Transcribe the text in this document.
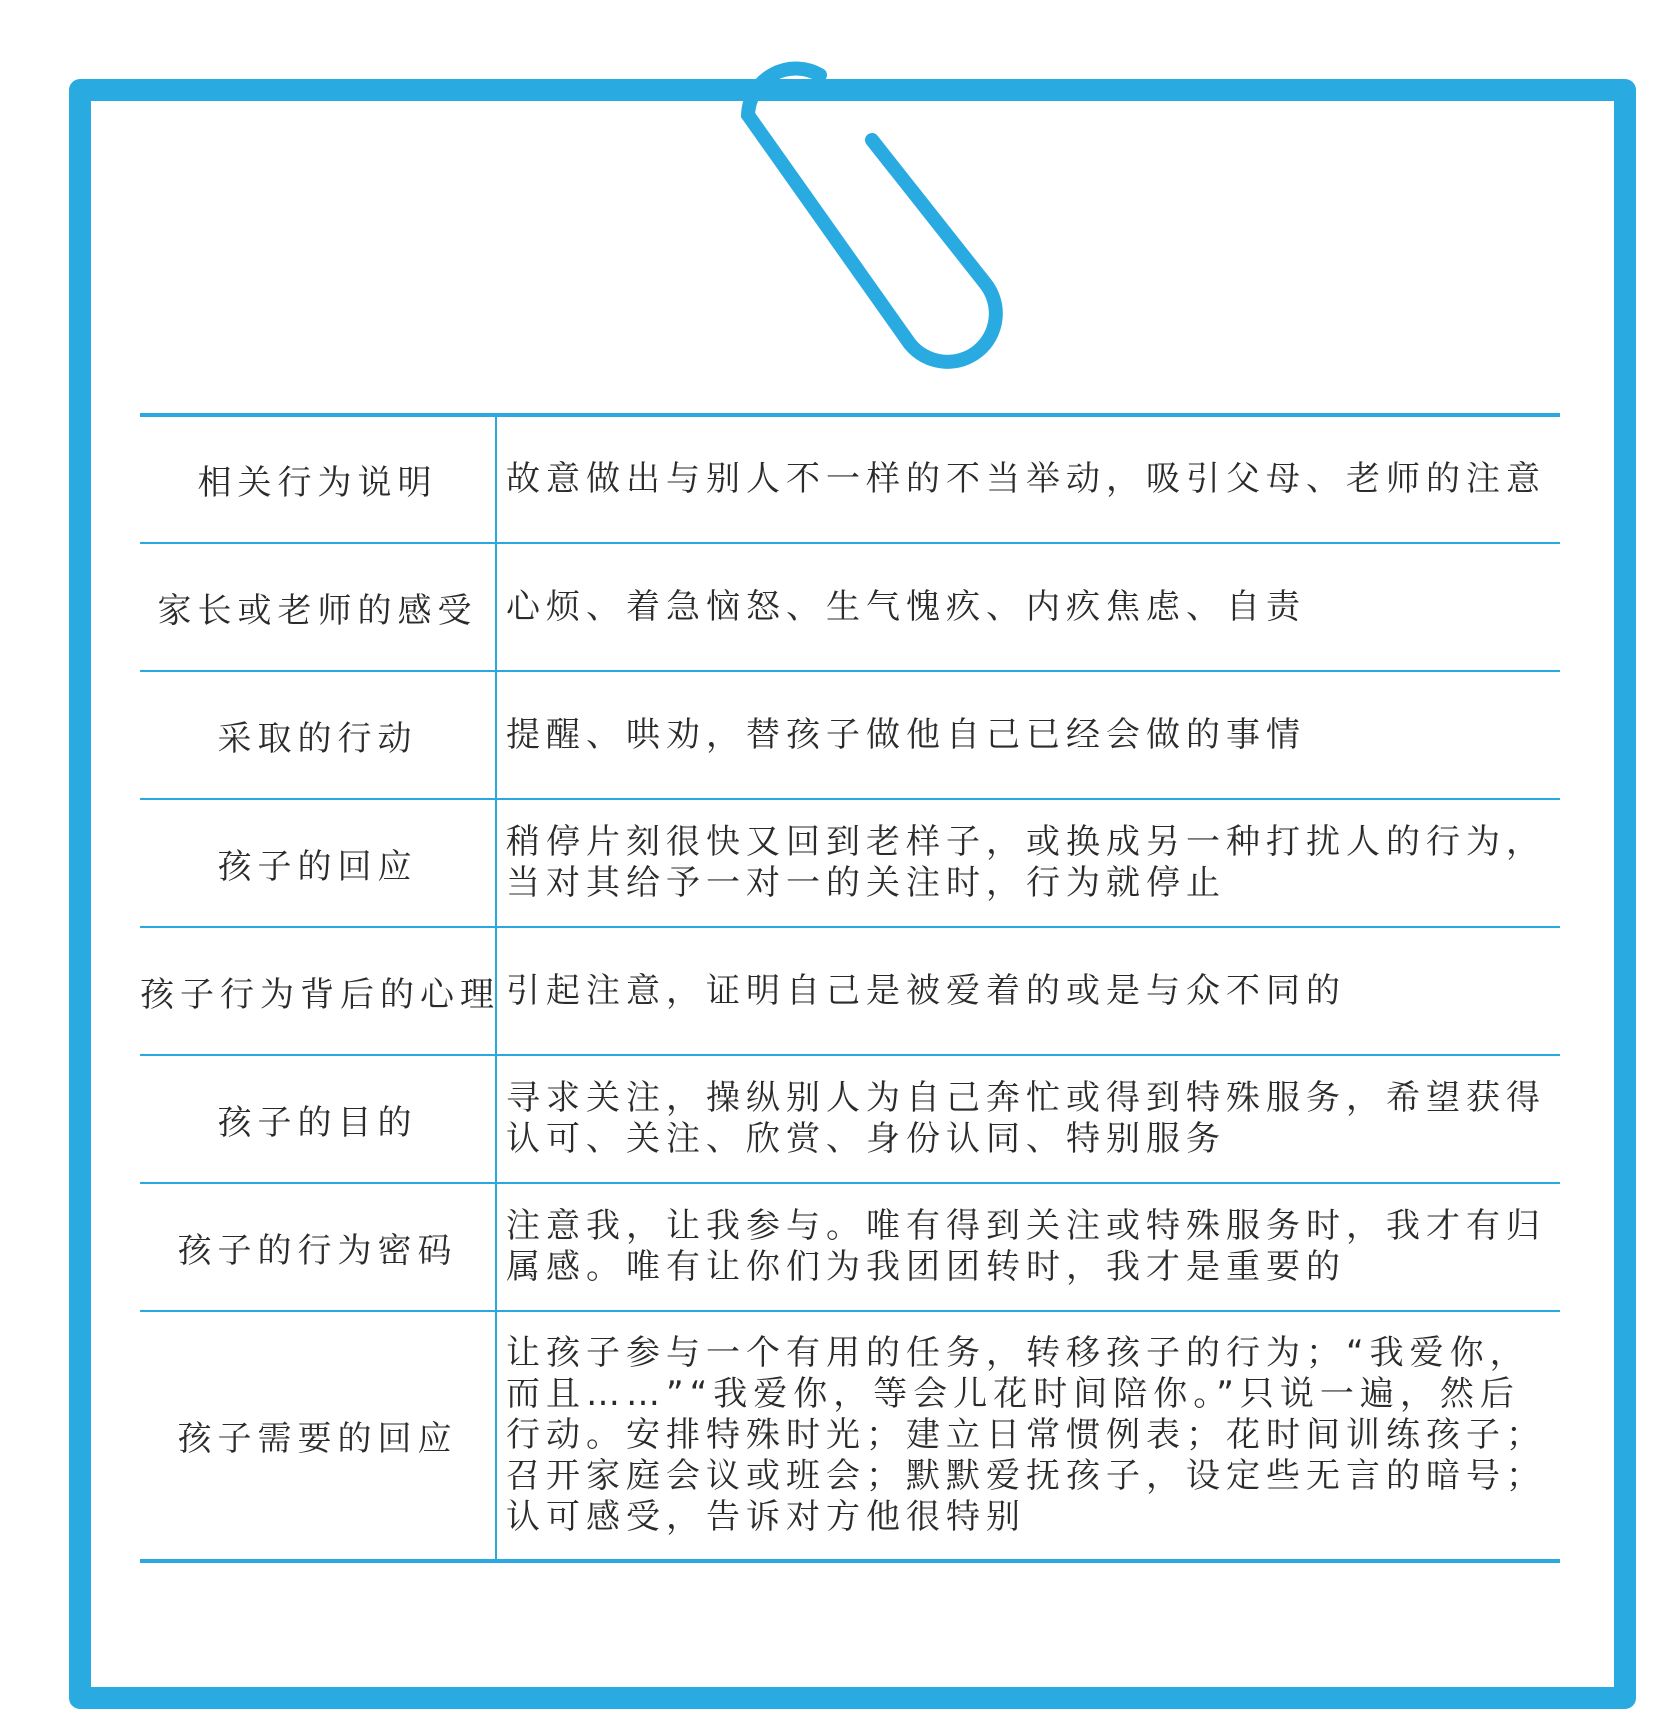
相关行为说明	故意做出与别人不一样的不当举动，吸引父母、老师的注意
家长或老师的感受	心烦、着急恼怒、生气愧疚、内疚焦虑、自责
采取的行动	提醒、哄劝，替孩子做他自己已经会做的事情
孩子的回应	稍停片刻很快又回到老样子，或换成另一种打扰人的行为，当对其给予一对一的关注时，行为就停止
孩子行为背后的心理	引起注意，证明自己是被爱着的或是与众不同的
孩子的目的	寻求关注，操纵别人为自己奔忙或得到特殊服务，希望获得认可、关注、欣赏、身份认同、特别服务
孩子的行为密码	注意我，让我参与。唯有得到关注或特殊服务时，我才有归属感。唯有让你们为我团团转时，我才是重要的
孩子需要的回应	让孩子参与一个有用的任务，转移孩子的行为；“我爱你，而且……”“我爱你，等会儿花时间陪你。”只说一遍，然后行动。安排特殊时光；建立日常惯例表；花时间训练孩子；召开家庭会议或班会；默默爱抚孩子，设定些无言的暗号；认可感受，告诉对方他很特别
